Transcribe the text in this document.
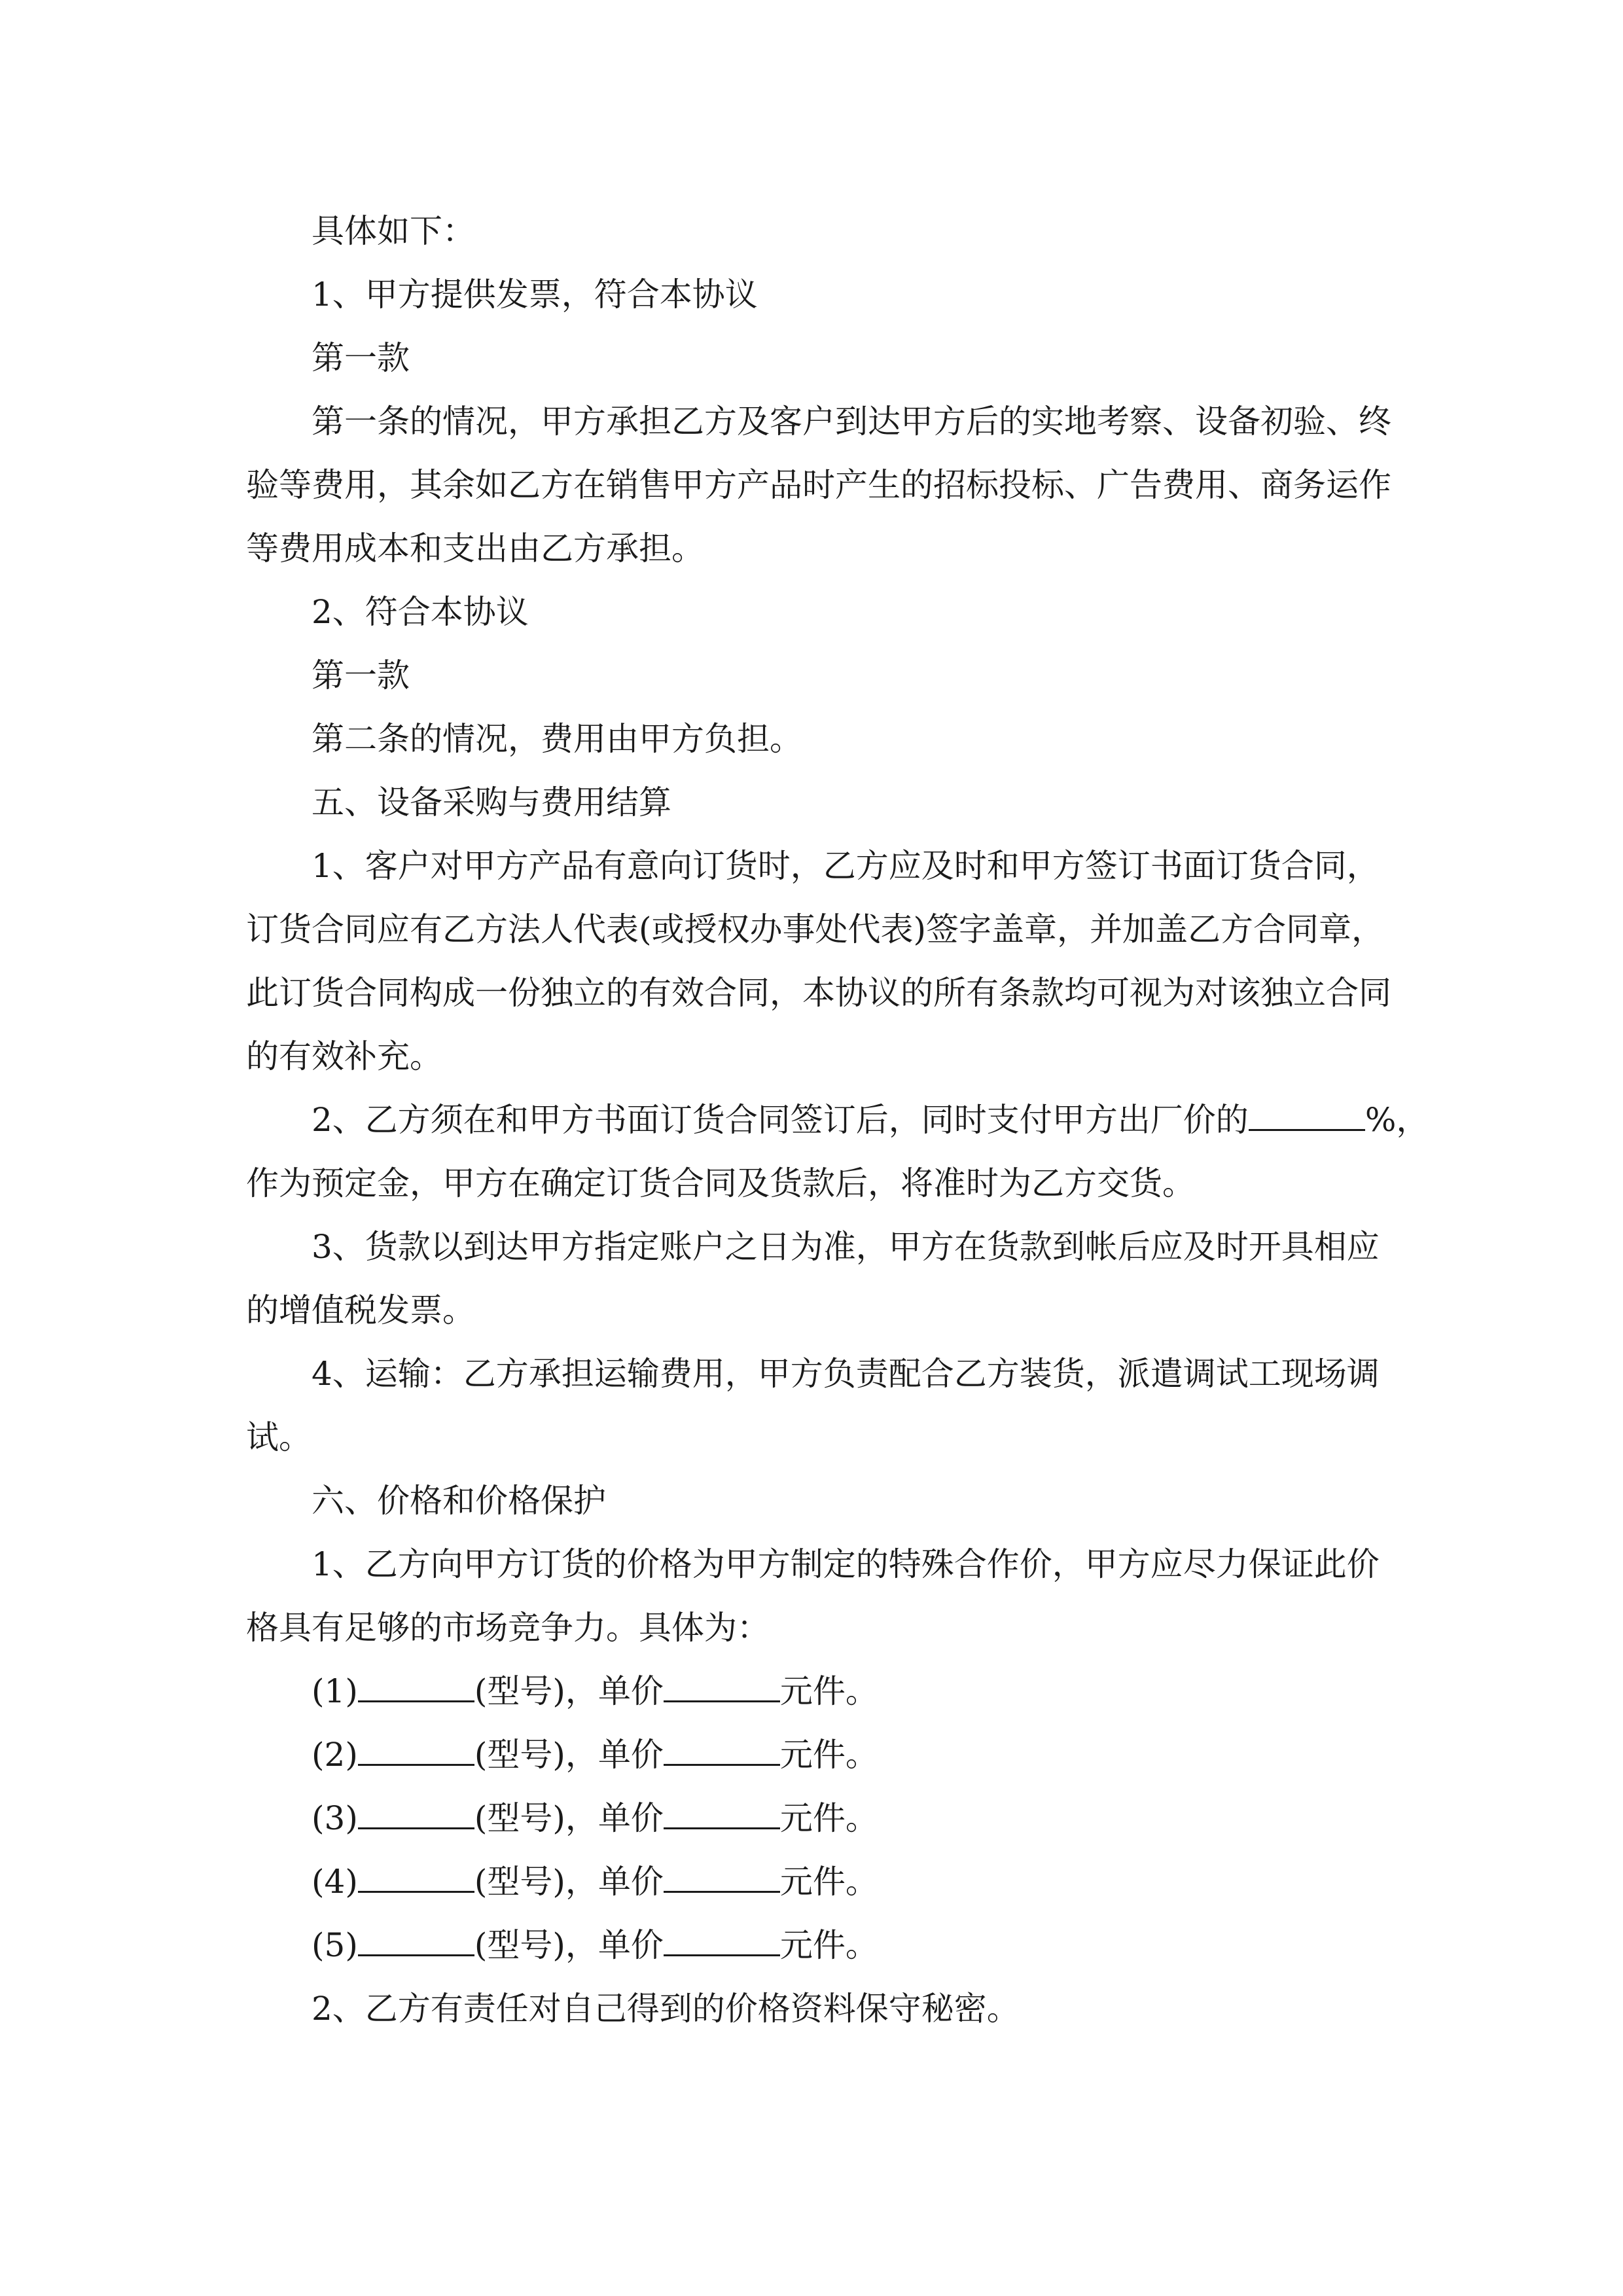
具体如下：
1、甲方提供发票，符合本协议
第一款
第一条的情况，甲方承担乙方及客户到达甲方后的实地考察、设备初验、终
验等费用，其余如乙方在销售甲方产品时产生的招标投标、广告费用、商务运作
等费用成本和支出由乙方承担。
2、符合本协议
第一款
第二条的情况，费用由甲方负担。
五、设备采购与费用结算
1、客户对甲方产品有意向订货时，乙方应及时和甲方签订书面订货合同，
订货合同应有乙方法人代表(或授权办事处代表)签字盖章，并加盖乙方合同章，
此订货合同构成一份独立的有效合同，本协议的所有条款均可视为对该独立合同
的有效补充。
2、乙方须在和甲方书面订货合同签订后，同时支付甲方出厂价的	%，
作为预定金，甲方在确定订货合同及货款后，将准时为乙方交货。
3、货款以到达甲方指定账户之日为准，甲方在货款到帐后应及时开具相应
的增值税发票。
4、运输：乙方承担运输费用，甲方负责配合乙方装货，派遣调试工现场调
试。
六、价格和价格保护
1、乙方向甲方订货的价格为甲方制定的特殊合作价，甲方应尽力保证此价
格具有足够的市场竞争力。具体为：
(1)	(型号)，单价	元件。
(2)	(型号)，单价	元件。
(3)	(型号)，单价	元件。
(4)	(型号)，单价	元件。
(5)	(型号)，单价	元件。
2、乙方有责任对自己得到的价格资料保守秘密。
